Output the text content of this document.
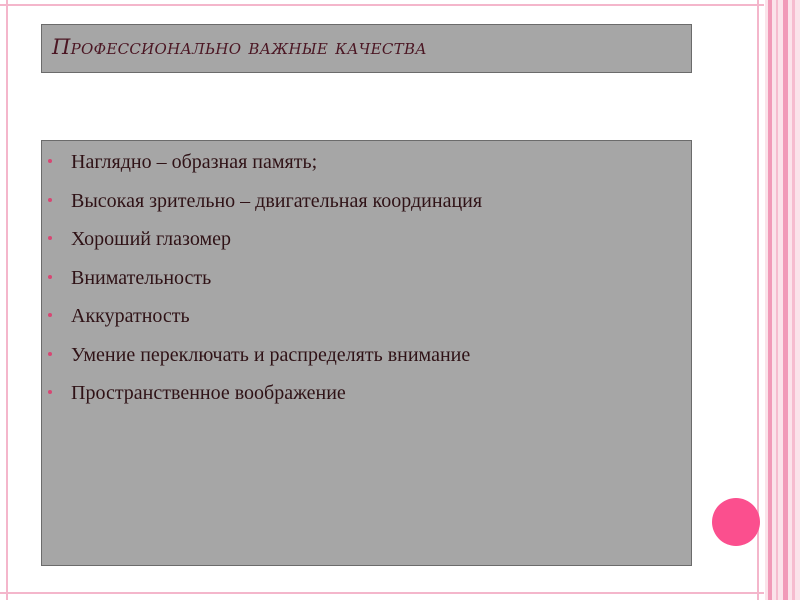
Профессионально важные качества
Наглядно – образная память;
Высокая зрительно – двигательная координация
Хороший глазомер
Внимательность
Аккуратность
Умение переключать и распределять внимание
Пространственное воображение
